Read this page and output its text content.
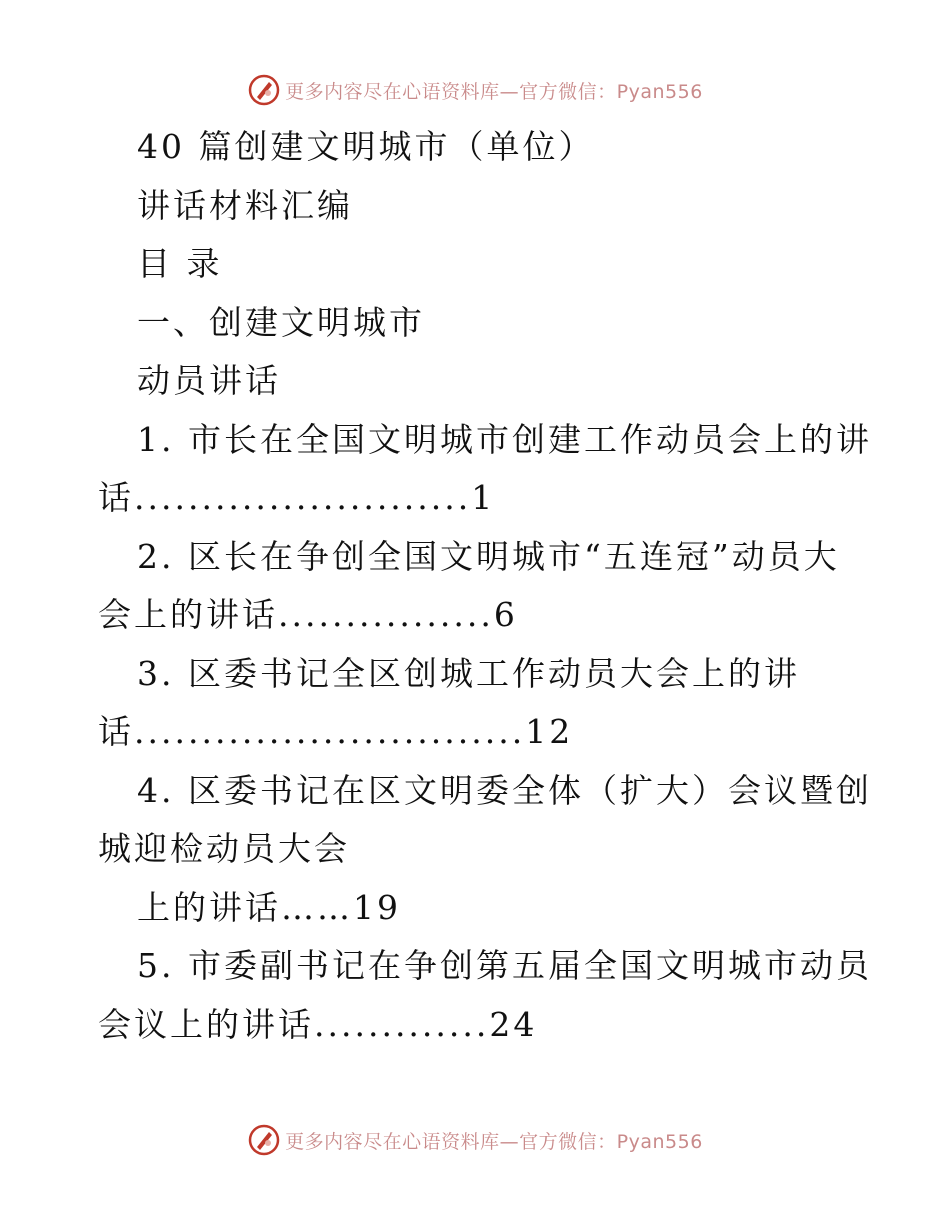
更多内容尽在心语资料库—官方微信：Pyan556
40 篇创建文明城市（单位）
讲话材料汇编
目 录
一、创建文明城市
动员讲话
1. 市长在全国文明城市创建工作动员会上的讲
话.........................1
2. 区长在争创全国文明城市“五连冠”动员大
会上的讲话................6
3. 区委书记全区创城工作动员大会上的讲
话.............................12
4. 区委书记在区文明委全体（扩大）会议暨创
城迎检动员大会
上的讲话……19
5. 市委副书记在争创第五届全国文明城市动员
会议上的讲话.............24
更多内容尽在心语资料库—官方微信：Pyan556
